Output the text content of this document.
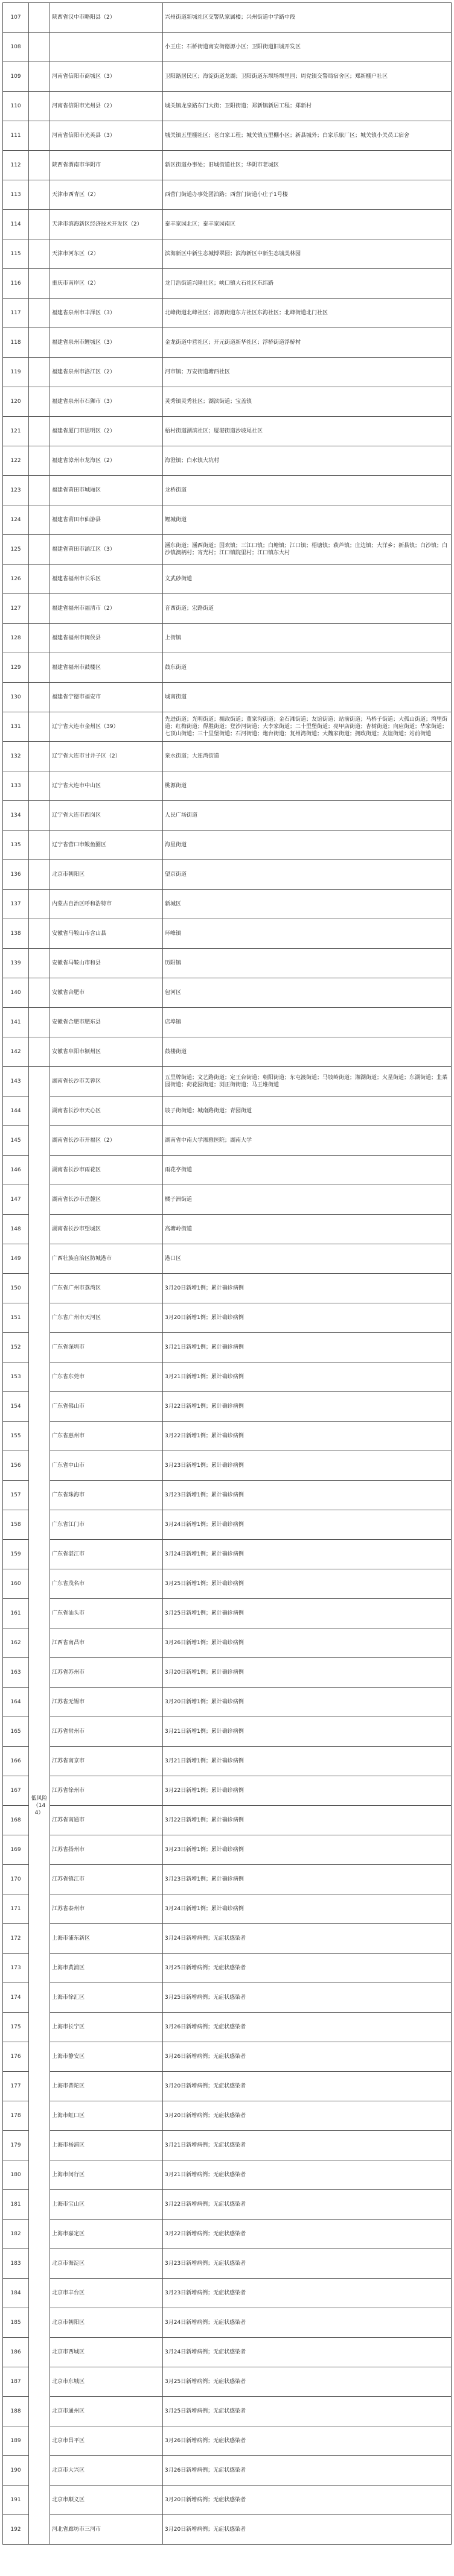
107		陕西省汉中市略阳县（2）	兴州街道新城社区交警队家属楼；兴州街道中学路中段
108			小王庄；石桥街道南安街德源小区；卫阳街道旧城开发区
109		河南省信阳市商城区（3）	卫阳路居民区；海淀街道龙湖；卫阳街道东坝场坝里园；周党镇交警局宿舍区；郑新棚户社区
110		河南省信阳市光州县（2）	城关镇龙泉路东门大街；卫阳街道；郑新镇新居工程；郑新村
111		河南省信阳市光英县（3）	城关镇五里棚社区；老白家工程；城关镇五里棚小区；新县城外；白家乐旅厂区；城关镇小关员工宿舍
112		陕西省渭南市华阴市	新区街道办事处；旧城街道社区；华阴市老城区
113		天津市西青区（2）	西营门街道办事处团泊路；西营门街道小庄子1号楼
114		天津市滨海新区经济技术开发区（2）	泰丰家园北区；泰丰家园南区
115		天津市河东区（2）	滨海新区中新生态城博翠园；滨海新区中新生态城美林园
116		重庆市南岸区（2）	龙门浩街道兴隆社区；峡口镇大石社区东纬路
117		福建省泉州市丰泽区（3）	北峰街道北峰社区；清源街道东方社区东海社区；北峰街道北门社区
118		福建省泉州市鲤城区（3）	金龙街道中营社区；开元街道新华社区；浮桥街道浮桥村
119		福建省泉州市洛江区（2）	河市镇；万安街道塘西社区
120		福建省泉州市石狮市（3）	灵秀镇灵秀社区；湖滨街道；宝盖镇
121		福建省厦门市思明区（2）	梧村街道湖滨社区；厦港街道沙坡尾社区
122		福建省漳州市龙海区（2）	海澄镇；白水镇大坑村
123		福建省莆田市城厢区	龙桥街道
124		福建省莆田市仙游县	鲤城街道
125		福建省莆田市涵江区（3）	涵东街道；涵西街道；国欢镇；三江口镇；白塘镇；江口镇；梧塘镇；萩芦镇；庄边镇；大洋乡；新县镇；白沙镇；白沙镇澳柄村；宵光村；江口镇院里村；江口镇东大村
126		福建省福州市长乐区	文武砂街道
127		福建省福州市福清市（2）	音西街道；宏路街道
128		福建省福州市闽侯县	上街镇
129		福建省福州市鼓楼区	鼓东街道
130		福建省宁德市福安市	城南街道
131		辽宁省大连市金州区（39）	先进街道；光明街道；拥政街道；董家沟街道；金石滩街道；友谊街道；站前街道；马桥子街道；大孤山街道；湾里街道；红梅街道；得胜街道；登沙河街道；大李家街道；二十里堡街道；亮甲店街道；杏树街道；向应街道；华家街道；七顶山街道；三十里堡街道；石河街道；炮台街道；复州湾街道；大魏家街道；拥政街道；友谊街道；站前街道
132		辽宁省大连市甘井子区（2）	泉水街道；大连湾街道
133		辽宁省大连市中山区	桃源街道
134		辽宁省大连市西岗区	人民广场街道
135		辽宁省营口市鲅鱼圈区	海星街道
136		北京市朝阳区	望京街道
137		内蒙古自治区呼和浩特市	新城区
138		安徽省马鞍山市含山县	环峰镇
139		安徽省马鞍山市和县	历阳镇
140		安徽省合肥市	包河区
141		安徽省合肥市肥东县	店埠镇
142		安徽省阜阳市颍州区	鼓楼街道
143	低风险（144）	湖南省长沙市芙蓉区	五里牌街道；文艺路街道；定王台街道；朝阳街道；东屯渡街道；马坡岭街道；湘湖街道；火星街道；东湖街道；韭菜园街道；荷花园街道；浏正街街道；马王堆街道
144		湖南省长沙市天心区	坡子街街道；城南路街道；青园街道
145		湖南省长沙市开福区（2）	湖南省中南大学湘雅医院；湖南大学
146		湖南省长沙市雨花区	雨花亭街道
147		湖南省长沙市岳麓区	橘子洲街道
148		湖南省长沙市望城区	高塘岭街道
149		广西壮族自治区防城港市	港口区
150		广东省广州市荔湾区	3月20日新增1例；累计确诊病例
151		广东省广州市天河区	3月20日新增1例；累计确诊病例
152		广东省深圳市	3月21日新增1例；累计确诊病例
153		广东省东莞市	3月21日新增1例；累计确诊病例
154		广东省佛山市	3月22日新增1例；累计确诊病例
155		广东省惠州市	3月22日新增1例；累计确诊病例
156		广东省中山市	3月23日新增1例；累计确诊病例
157		广东省珠海市	3月23日新增1例；累计确诊病例
158		广东省江门市	3月24日新增1例；累计确诊病例
159		广东省湛江市	3月24日新增1例；累计确诊病例
160		广东省茂名市	3月25日新增1例；累计确诊病例
161		广东省汕头市	3月25日新增1例；累计确诊病例
162		江西省南昌市	3月26日新增1例；累计确诊病例
163		江苏省苏州市	3月20日新增1例；累计确诊病例
164		江苏省无锡市	3月20日新增1例；累计确诊病例
165		江苏省常州市	3月21日新增1例；累计确诊病例
166		江苏省南京市	3月21日新增1例；累计确诊病例
167		江苏省徐州市	3月22日新增1例；累计确诊病例
168		江苏省南通市	3月22日新增1例；累计确诊病例
169		江苏省扬州市	3月23日新增1例；累计确诊病例
170		江苏省镇江市	3月23日新增1例；累计确诊病例
171		江苏省泰州市	3月24日新增1例；累计确诊病例
172		上海市浦东新区	3月24日新增病例；无症状感染者
173		上海市黄浦区	3月25日新增病例；无症状感染者
174		上海市徐汇区	3月25日新增病例；无症状感染者
175		上海市长宁区	3月26日新增病例；无症状感染者
176		上海市静安区	3月26日新增病例；无症状感染者
177		上海市普陀区	3月20日新增病例；无症状感染者
178		上海市虹口区	3月20日新增病例；无症状感染者
179		上海市杨浦区	3月21日新增病例；无症状感染者
180		上海市闵行区	3月21日新增病例；无症状感染者
181		上海市宝山区	3月22日新增病例；无症状感染者
182		上海市嘉定区	3月22日新增病例；无症状感染者
183		北京市海淀区	3月23日新增病例；无症状感染者
184		北京市丰台区	3月23日新增病例；无症状感染者
185		北京市朝阳区	3月24日新增病例；无症状感染者
186		北京市西城区	3月24日新增病例；无症状感染者
187		北京市东城区	3月25日新增病例；无症状感染者
188		北京市通州区	3月25日新增病例；无症状感染者
189		北京市昌平区	3月26日新增病例；无症状感染者
190		北京市大兴区	3月26日新增病例；无症状感染者
191		北京市顺义区	3月20日新增病例；无症状感染者
192		河北省廊坊市三河市	3月20日新增病例；无症状感染者
